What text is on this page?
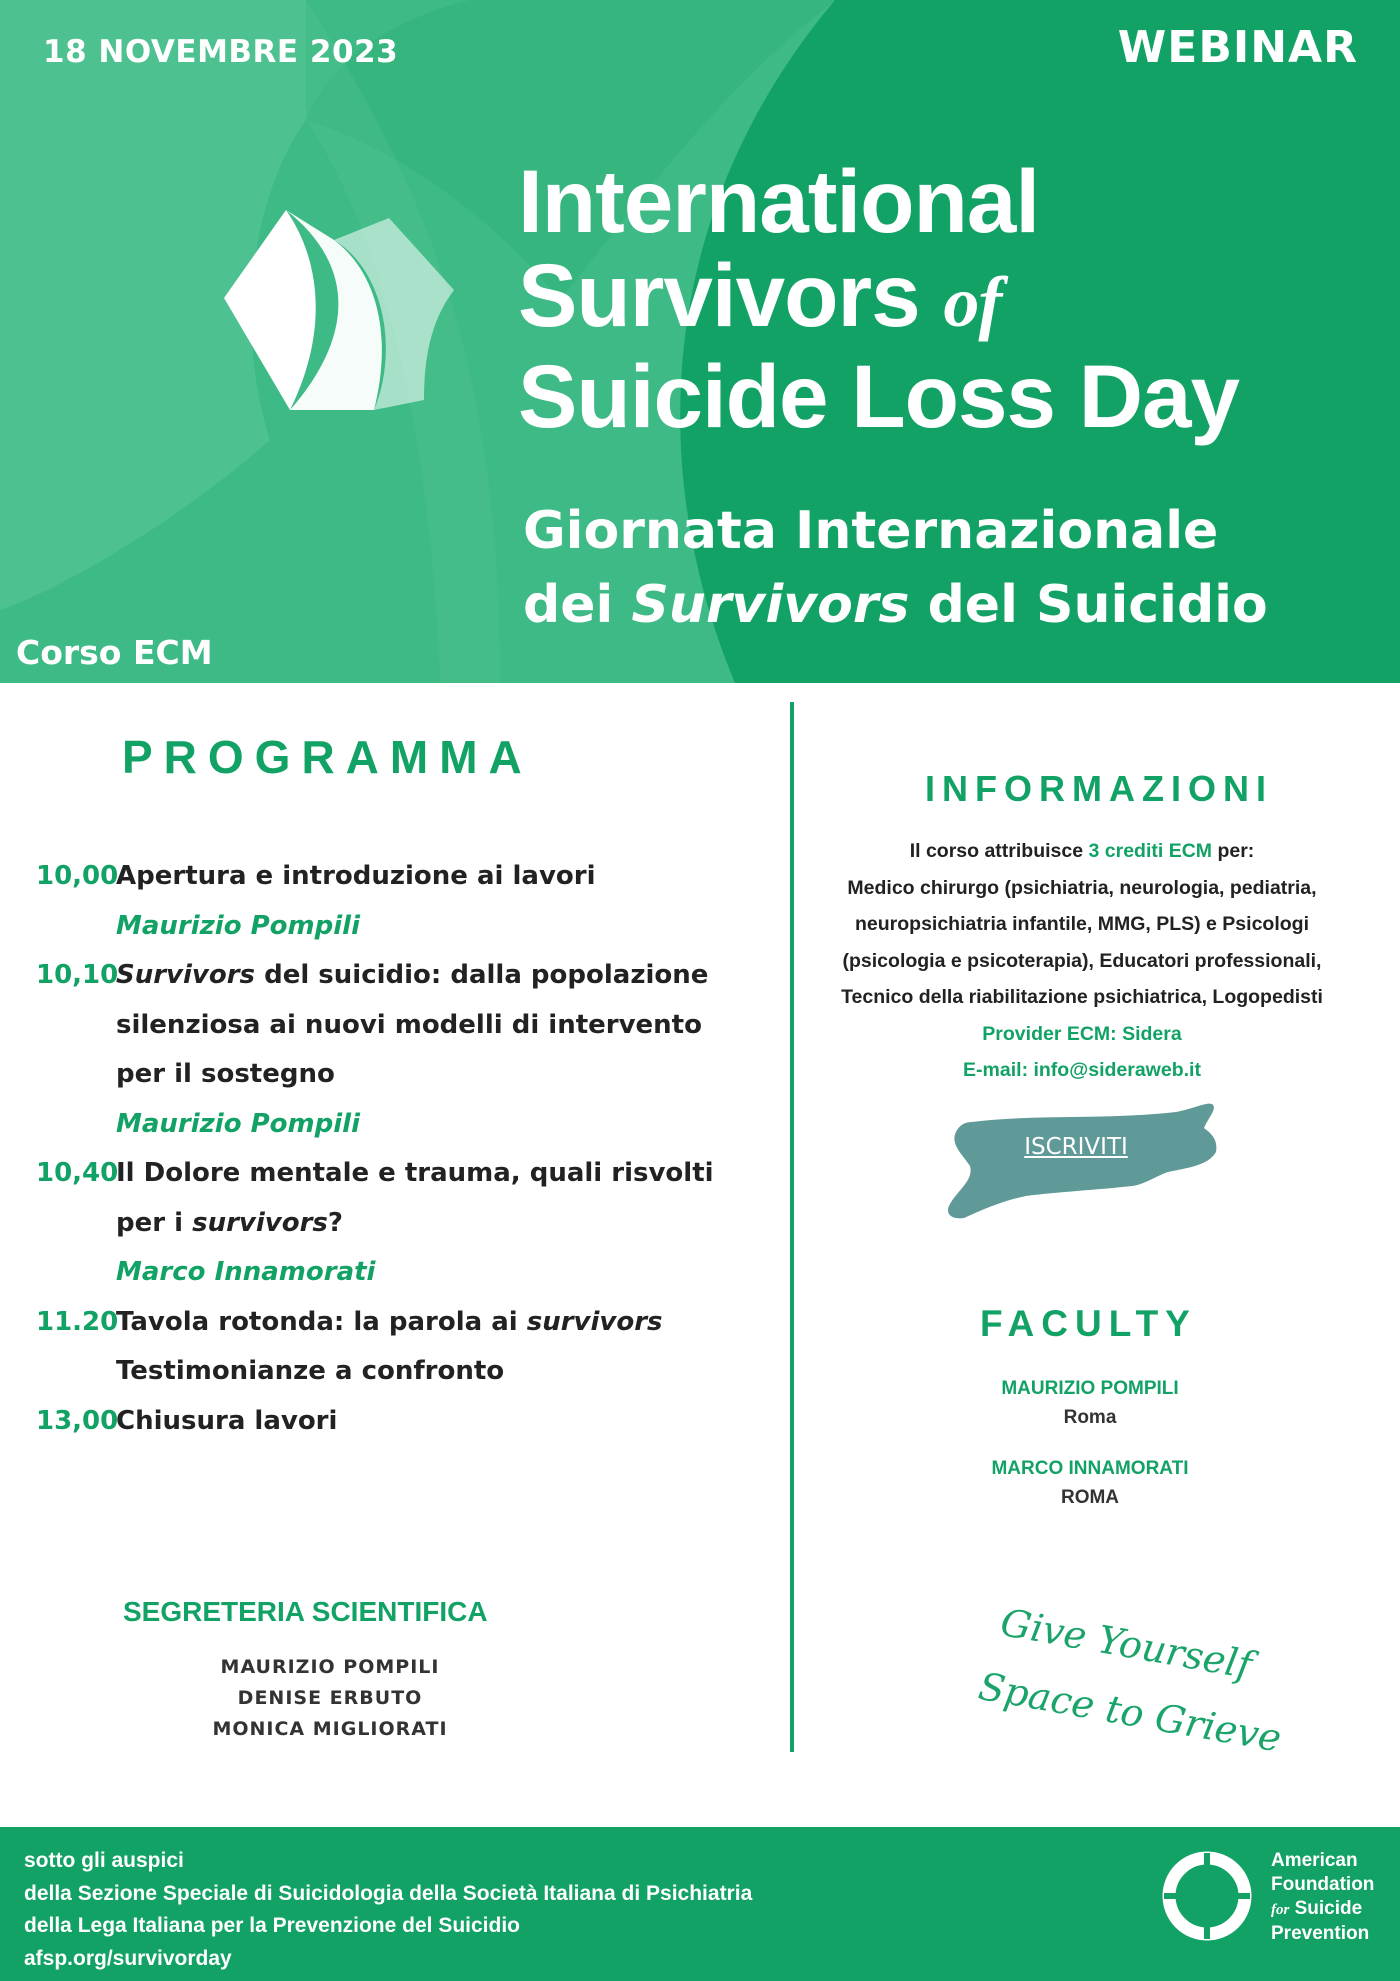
18 NOVEMBRE 2023	WEBINAR
International
Survivors of
Suicide Loss Day
Giornata Internazionale
dei Survivors del Suicidio
Corso ECM
PROGRAMMA
10,00
Apertura e introduzione ai lavori
Maurizio Pompili
10,10
Survivors del suicidio: dalla popolazione silenziosa ai nuovi modelli di intervento per il sostegno
Maurizio Pompili
10,40
Il Dolore mentale e trauma, quali risvolti per i survivors?
Marco Innamorati
11.20
Tavola rotonda: la parola ai survivors
Testimonianze a confronto
13,00
Chiusura lavori
SEGRETERIA SCIENTIFICA
MAURIZIO POMPILI
DENISE ERBUTO
MONICA MIGLIORATI
INFORMAZIONI
Il corso attribuisce 3 crediti ECM per:
Medico chirurgo (psichiatria, neurologia, pediatria,
neuropsichiatria infantile, MMG, PLS) e Psicologi
(psicologia e psicoterapia), Educatori professionali,
Tecnico della riabilitazione psichiatrica, Logopedisti
Provider ECM: Sidera
E-mail: info@sideraweb.it
ISCRIVITI
FACULTY
MAURIZIO POMPILI
Roma
MARCO INNAMORATI
ROMA
Give Yourself
Space to Grieve
sotto gli auspici
della Sezione Speciale di Suicidologia della Società Italiana di Psichiatria
della Lega Italiana per la Prevenzione del Suicidio
afsp.org/survivorday
American
Foundation
for Suicide
Prevention
